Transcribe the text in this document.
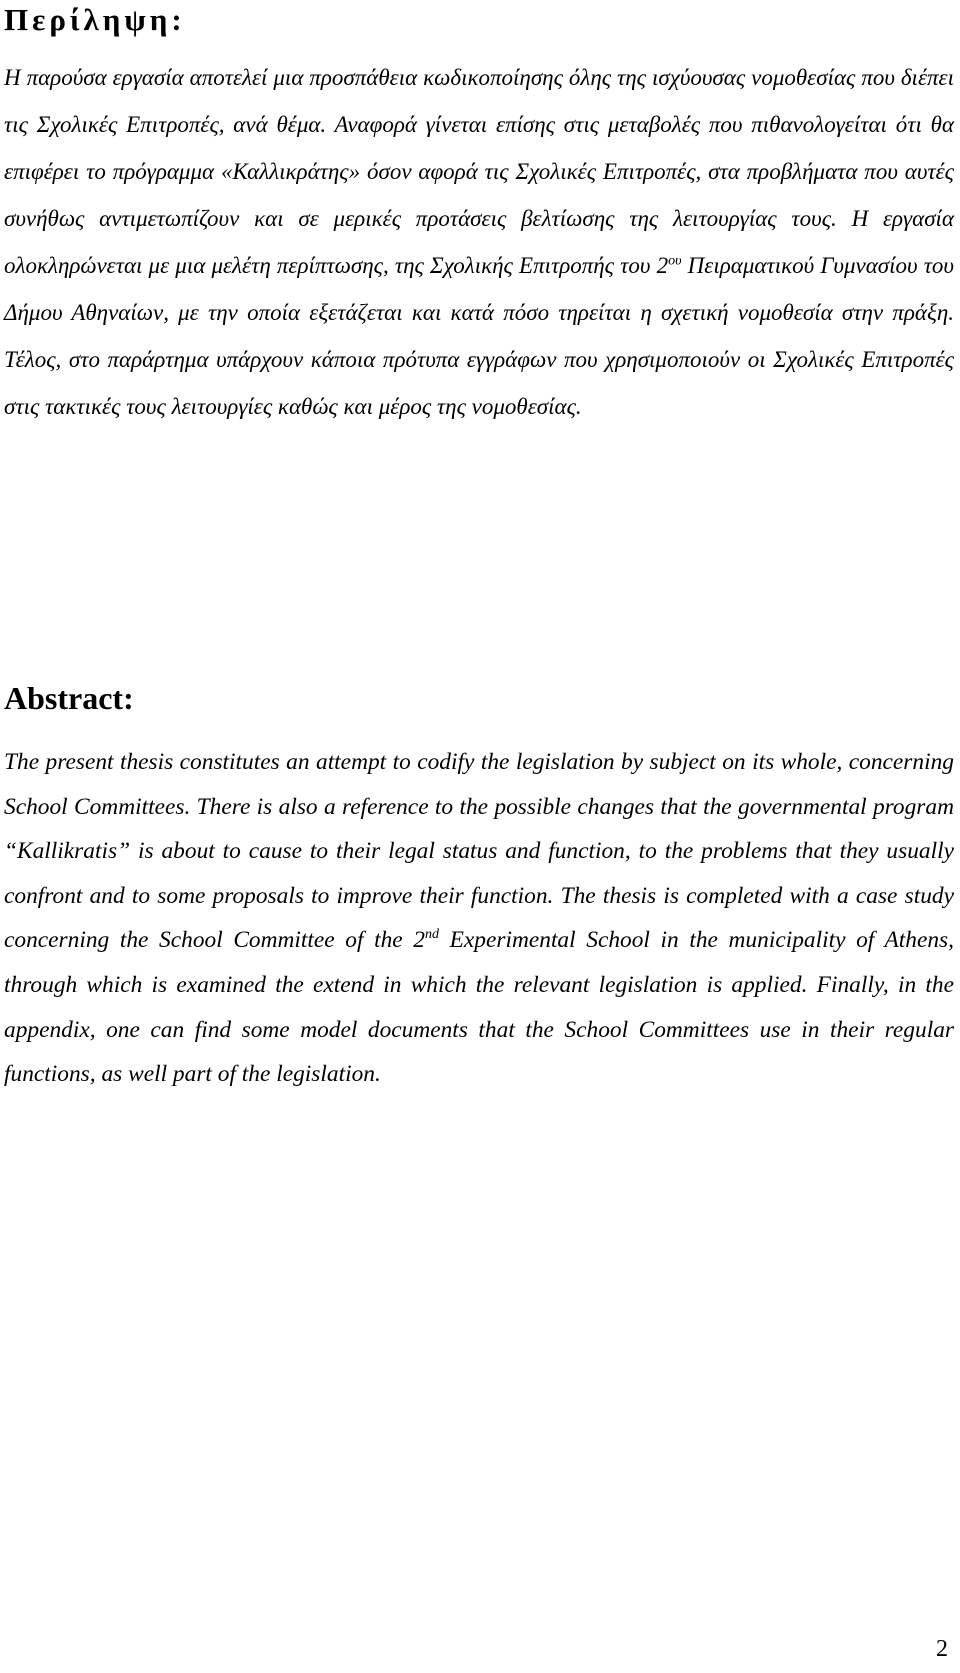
Περίληψη:

Η παρούσα εργασία αποτελεί μια προσπάθεια κωδικοποίησης όλης της ισχύουσας νομοθεσίας που διέπει τις Σχολικές Επιτροπές, ανά θέμα. Αναφορά γίνεται επίσης στις μεταβολές που πιθανολογείται ότι θα επιφέρει το πρόγραμμα «Καλλικράτης» όσον αφορά τις Σχολικές Επιτροπές, στα προβλήματα που αυτές συνήθως αντιμετωπίζουν και σε μερικές προτάσεις βελτίωσης της λειτουργίας τους. Η εργασία ολοκληρώνεται με μια μελέτη περίπτωσης, της Σχολικής Επιτροπής του $2^{o\upsilon}$ Πειραματικού Γυμνασίου του Δήμου Αθηναίων, με την οποία εξετάζεται και κατά πόσο τηρείται η σχετική νομοθεσία στην πράξη. Τέλος, στο παράρτημα υπάρχουν κάποια πρότυπα εγγράφων που χρησιμοποιούν οι Σχολικές Επιτροπές στις τακτικές τους λειτουργίες καθώς και μέρος της νομοθεσίας.

Abstract:

The present thesis constitutes an attempt to codify the legislation by subject on its whole, concerning School Committees. There is also a reference to the possible changes that the governmental program “Kallikratis” is about to cause to their legal status and function, to the problems that they usually confront and to some proposals to improve their function. The thesis is completed with a case study concerning the School Committee of the 2nd Experimental School in the municipality of Athens, through which is examined the extend in which the relevant legislation is applied. Finally, in the appendix, one can find some model documents that the School Committees use in their regular functions, as well part of the legislation.

2
